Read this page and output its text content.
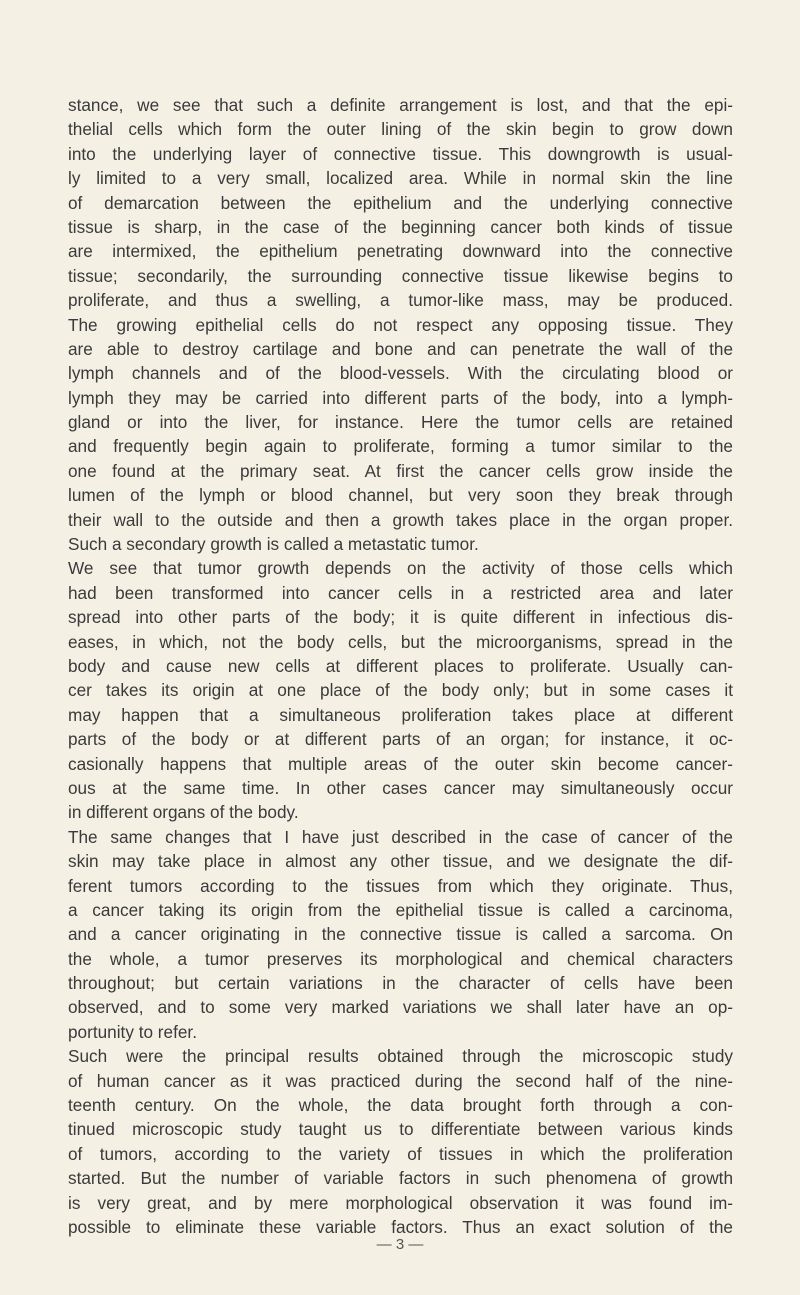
stance, we see that such a definite arrangement is lost, and that the epi-
thelial cells which form the outer lining of the skin begin to grow down
into the underlying layer of connective tissue. This downgrowth is usual-
ly limited to a very small, localized area. While in normal skin the line
of demarcation between the epithelium and the underlying connective
tissue is sharp, in the case of the beginning cancer both kinds of tissue
are intermixed, the epithelium penetrating downward into the connective
tissue; secondarily, the surrounding connective tissue likewise begins to
proliferate, and thus a swelling, a tumor-like mass, may be produced.
The growing epithelial cells do not respect any opposing tissue. They
are able to destroy cartilage and bone and can penetrate the wall of the
lymph channels and of the blood-vessels. With the circulating blood or
lymph they may be carried into different parts of the body, into a lymph-
gland or into the liver, for instance. Here the tumor cells are retained
and frequently begin again to proliferate, forming a tumor similar to the
one found at the primary seat. At first the cancer cells grow inside the
lumen of the lymph or blood channel, but very soon they break through
their wall to the outside and then a growth takes place in the organ proper.
Such a secondary growth is called a metastatic tumor.
We see that tumor growth depends on the activity of those cells which
had been transformed into cancer cells in a restricted area and later
spread into other parts of the body; it is quite different in infectious dis-
eases, in which, not the body cells, but the microorganisms, spread in the
body and cause new cells at different places to proliferate. Usually can-
cer takes its origin at one place of the body only; but in some cases it
may happen that a simultaneous proliferation takes place at different
parts of the body or at different parts of an organ; for instance, it oc-
casionally happens that multiple areas of the outer skin become cancer-
ous at the same time. In other cases cancer may simultaneously occur
in different organs of the body.
The same changes that I have just described in the case of cancer of the
skin may take place in almost any other tissue, and we designate the dif-
ferent tumors according to the tissues from which they originate. Thus,
a cancer taking its origin from the epithelial tissue is called a carcinoma,
and a cancer originating in the connective tissue is called a sarcoma. On
the whole, a tumor preserves its morphological and chemical characters
throughout; but certain variations in the character of cells have been
observed, and to some very marked variations we shall later have an op-
portunity to refer.
Such were the principal results obtained through the microscopic study
of human cancer as it was practiced during the second half of the nine-
teenth century. On the whole, the data brought forth through a con-
tinued microscopic study taught us to differentiate between various kinds
of tumors, according to the variety of tissues in which the proliferation
started. But the number of variable factors in such phenomena of growth
is very great, and by mere morphological observation it was found im-
possible to eliminate these variable factors. Thus an exact solution of the
— 3 —
